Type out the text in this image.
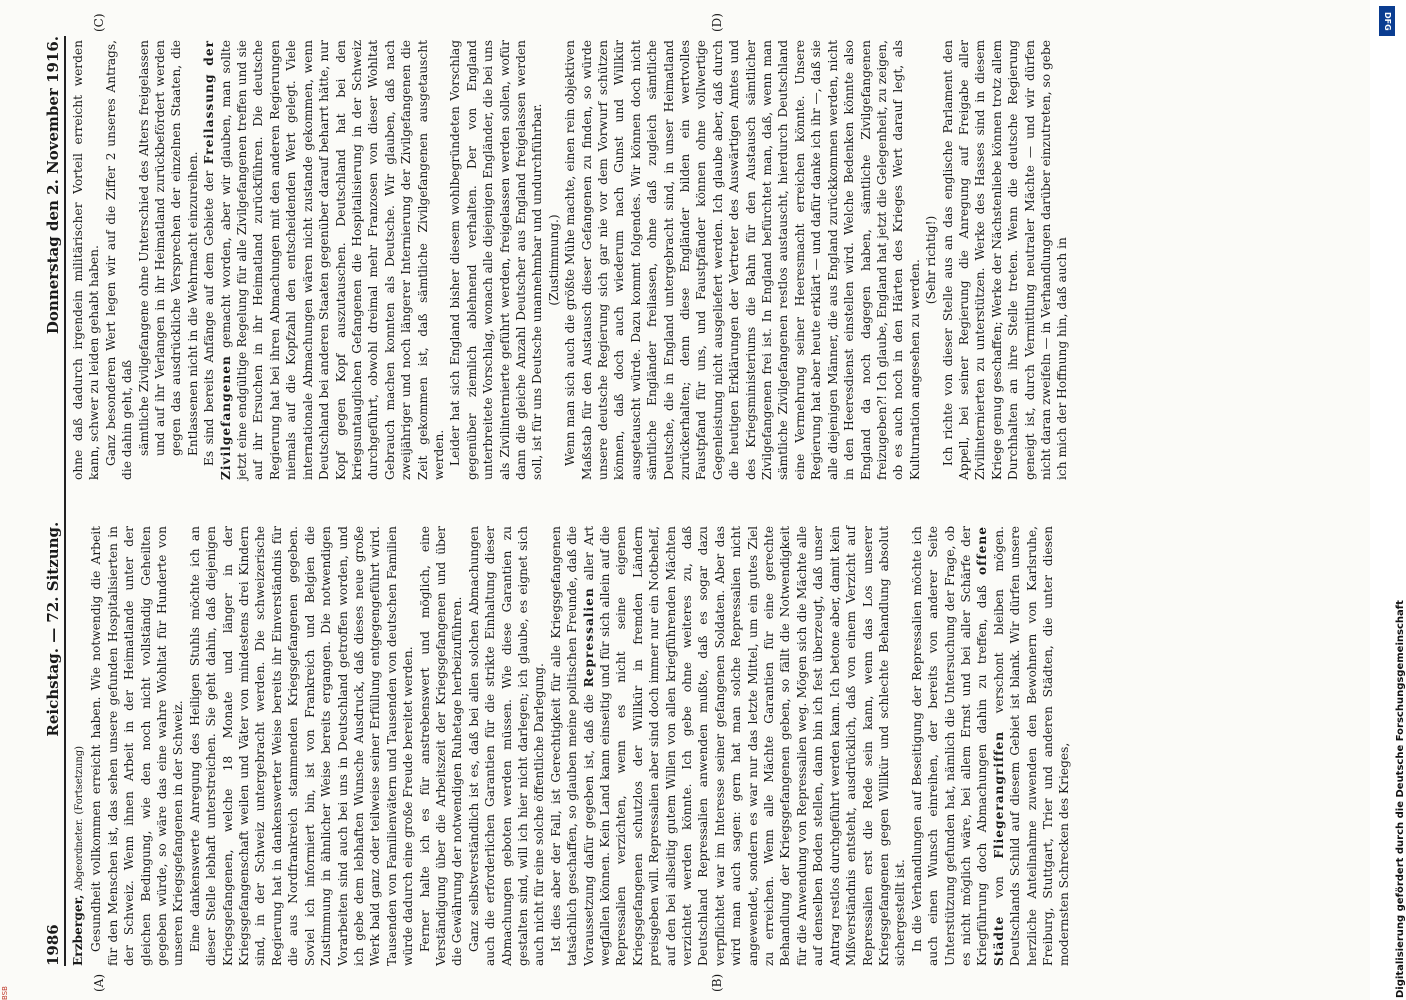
1986
Reichstag. — 72. Sitzung.
Donnerstag den 2. November 1916.
(A)	(B)
(C)	(D)

Erzberger, Abgeordneter. (Fortsetzung) Gesundheit vollkommen erreicht haben. Wie notwendig die Arbeit für den Menschen ist, das sehen unsere gefunden Hospitalisierten in der Schweiz. Wenn ihnen Arbeit in der Heimatlande unter der gleichen Bedingung, wie den noch nicht vollständig Geheilten gegeben würde, so wäre das eine wahre Wohltat für Hunderte von unseren Kriegsgefangenen in der Schweiz. Eine dankenswerte Anregung des Heiligen Stuhls möchte ich an dieser Stelle lebhaft unterstreichen. Sie geht dahin, daß diejenigen Kriegsgefangenen, welche 18 Monate und länger in der Kriegsgefangenschaft weilen und Väter von mindestens drei Kindern sind, in der Schweiz untergebracht werden. Die schweizerische Regierung hat in dankenswerter Weise bereits ihr Einverständnis für die aus Nordfrankreich stammenden Kriegsgefangenen gegeben. Soviel ich informiert bin, ist von Frankreich und Belgien die Zustimmung in ähnlicher Weise bereits ergangen. Die notwendigen Vorarbeiten sind auch bei uns in Deutschland getroffen worden, und ich gebe dem lebhaften Wunsche Ausdruck, daß dieses neue große Werk bald ganz oder teilweise seiner Erfüllung entgegengeführt wird. Tausenden von Familienvätern und Tausenden von deutschen Familien würde dadurch eine große Freude bereitet werden. Ferner halte ich es für anstrebenswert und möglich, eine Verständigung über die Arbeitszeit der Kriegsgefangenen und über die Gewährung der notwendigen Ruhetage herbeizuführen. Ganz selbstverständlich ist es, daß bei allen solchen Abmachungen auch die erforderlichen Garantien für die strikte Einhaltung dieser Abmachungen geboten werden müssen. Wie diese Garantien zu gestalten sind, will ich hier nicht darlegen; ich glaube, es eignet sich auch nicht für eine solche öffentliche Darlegung. Ist dies aber der Fall, ist Gerechtigkeit für alle Kriegsgefangenen tatsächlich geschaffen, so glauben meine politischen Freunde, daß die Voraussetzung dafür gegeben ist, daß die Repressalien aller Art wegfallen können. Kein Land kann einseitig und für sich allein auf die Repressalien verzichten, wenn es nicht seine eigenen Kriegsgefangenen schutzlos der Willkür in fremden Ländern preisgeben will. Repressalien aber sind doch immer nur ein Notbehelf, auf den bei allseitig gutem Willen von allen kriegführenden Mächten verzichtet werden könnte. Ich gebe ohne weiteres zu, daß Deutschland Repressalien anwenden mußte, daß es sogar dazu verpflichtet war im Interesse seiner gefangenen Soldaten. Aber das wird man auch sagen: gern hat man solche Repressalien nicht angewendet, sondern es war nur das letzte Mittel, um ein gutes Ziel zu erreichen. Wenn alle Mächte Garantien für eine gerechte Behandlung der Kriegsgefangenen geben, so fällt die Notwendigkeit für die Anwendung von Repressalien weg. Mögen sich die Mächte alle auf denselben Boden stellen, dann bin ich fest überzeugt, daß unser Antrag restlos durchgeführt werden kann. Ich betone aber, damit kein Mißverständnis entsteht, ausdrücklich, daß von einem Verzicht auf Repressalien erst die Rede sein kann, wenn das Los unserer Kriegsgefangenen gegen Willkür und schlechte Behandlung absolut sichergestellt ist. In die Verhandlungen auf Beseitigung der Repressalien möchte ich auch einen Wunsch einreihen, der bereits von anderer Seite Unterstützung gefunden hat, nämlich die Untersuchung der Frage, ob es nicht möglich wäre, bei allem Ernst und bei aller Schärfe der Kriegführung doch Abmachungen dahin zu treffen, daß offene Städte von Fliegerangriffen verschont bleiben mögen. Deutschlands Schild auf diesem Gebiet ist blank. Wir dürfen unsere herzliche Anteilnahme zuwenden den Bewohnern von Karlsruhe, Freiburg, Stuttgart, Trier und anderen Städten, die unter diesen modernsten Schrecken des Krieges,

ohne daß dadurch irgendein militärischer Vorteil erreicht werden kann, schwer zu leiden gehabt haben. Ganz besonderen Wert legen wir auf die Ziffer 2 unseres Antrags, die dahin geht, daß sämtliche Zivilgefangene ohne Unterschied des Alters freigelassen und auf ihr Verlangen in ihr Heimatland zurückbefördert werden gegen das ausdrückliche Versprechen der einzelnen Staaten, die Entlassenen nicht in die Wehrmacht einzureihen. Es sind bereits Anfänge auf dem Gebiete der Freilassung der Zivilgefangenen gemacht worden, aber wir glauben, man sollte jetzt eine endgültige Regelung für alle Zivilgefangenen treffen und sie auf ihr Ersuchen in ihr Heimatland zurückführen. Die deutsche Regierung hat bei ihren Abmachungen mit den anderen Regierungen niemals auf die Kopfzahl den entscheidenden Wert gelegt. Viele internationale Abmachungen wären nicht zustande gekommen, wenn Deutschland bei anderen Staaten gegenüber darauf beharrt hätte, nur Kopf gegen Kopf auszutauschen. Deutschland hat bei den kriegsuntauglichen Gefangenen die Hospitalisierung in der Schweiz durchgeführt, obwohl dreimal mehr Franzosen von dieser Wohltat Gebrauch machen konnten als Deutsche. Wir glauben, daß nach zweijähriger und noch längerer Internierung der Zivilgefangenen die Zeit gekommen ist, daß sämtliche Zivilgefangenen ausgetauscht werden. Leider hat sich England bisher diesem wohlbegründeten Vorschlag gegenüber ziemlich ablehnend verhalten. Der von England unterbreitete Vorschlag, wonach alle diejenigen Engländer, die bei uns als Zivilinternierte geführt werden, freigelassen werden sollen, wofür dann die gleiche Anzahl Deutscher aus England freigelassen werden soll, ist für uns Deutsche unannehmbar und undurchführbar. (Zustimmung.) Wenn man sich auch die größte Mühe machte, einen rein objektiven Maßstab für den Austausch dieser Gefangenen zu finden, so würde unsere deutsche Regierung sich gar nie vor dem Vorwurf schützen können, daß doch auch wiederum nach Gunst und Willkür ausgetauscht würde. Dazu kommt folgendes. Wir können doch nicht sämtliche Engländer freilassen, ohne daß zugleich sämtliche Deutsche, die in England untergebracht sind, in unser Heimatland zurückerhalten; denn diese Engländer bilden ein wertvolles Faustpfand für uns, und Faustpfänder können ohne vollwertige Gegenleistung nicht ausgeliefert werden. Ich glaube aber, daß durch die heutigen Erklärungen der Vertreter des Auswärtigen Amtes und des Kriegsministeriums die Bahn für den Austausch sämtlicher Zivilgefangenen frei ist. In England befürchtet man, daß, wenn man sämtliche Zivilgefangenen restlos austauscht, hierdurch Deutschland eine Vermehrung seiner Heeresmacht erreichen könnte. Unsere Regierung hat aber heute erklärt — und dafür danke ich ihr —, daß sie alle diejenigen Männer, die aus England zurückkommen werden, nicht in den Heeresdienst einstellen wird. Welche Bedenken könnte also England da noch dagegen haben, sämtliche Zivilgefangenen freizugeben?! Ich glaube, England hat jetzt die Gelegenheit, zu zeigen, ob es auch noch in den Härten des Krieges Wert darauf legt, als Kulturnation angesehen zu werden. (Sehr richtig!) Ich richte von dieser Stelle aus an das englische Parlament den Appell, bei seiner Regierung die Anregung auf Freigabe aller Zivilinternierten zu unterstützen. Werke des Hasses sind in diesem Kriege genug geschaffen; Werke der Nächstenliebe können trotz allem Durchhalten an ihre Stelle treten. Wenn die deutsche Regierung geneigt ist, durch Vermittlung neutraler Mächte — und wir dürfen nicht daran zweifeln — in Verhandlungen darüber einzutreten, so gebe ich mich der Hoffnung hin, daß auch in

DFG
Digitalisierung gefördert durch die Deutsche Forschungsgemeinschaft
BSB
